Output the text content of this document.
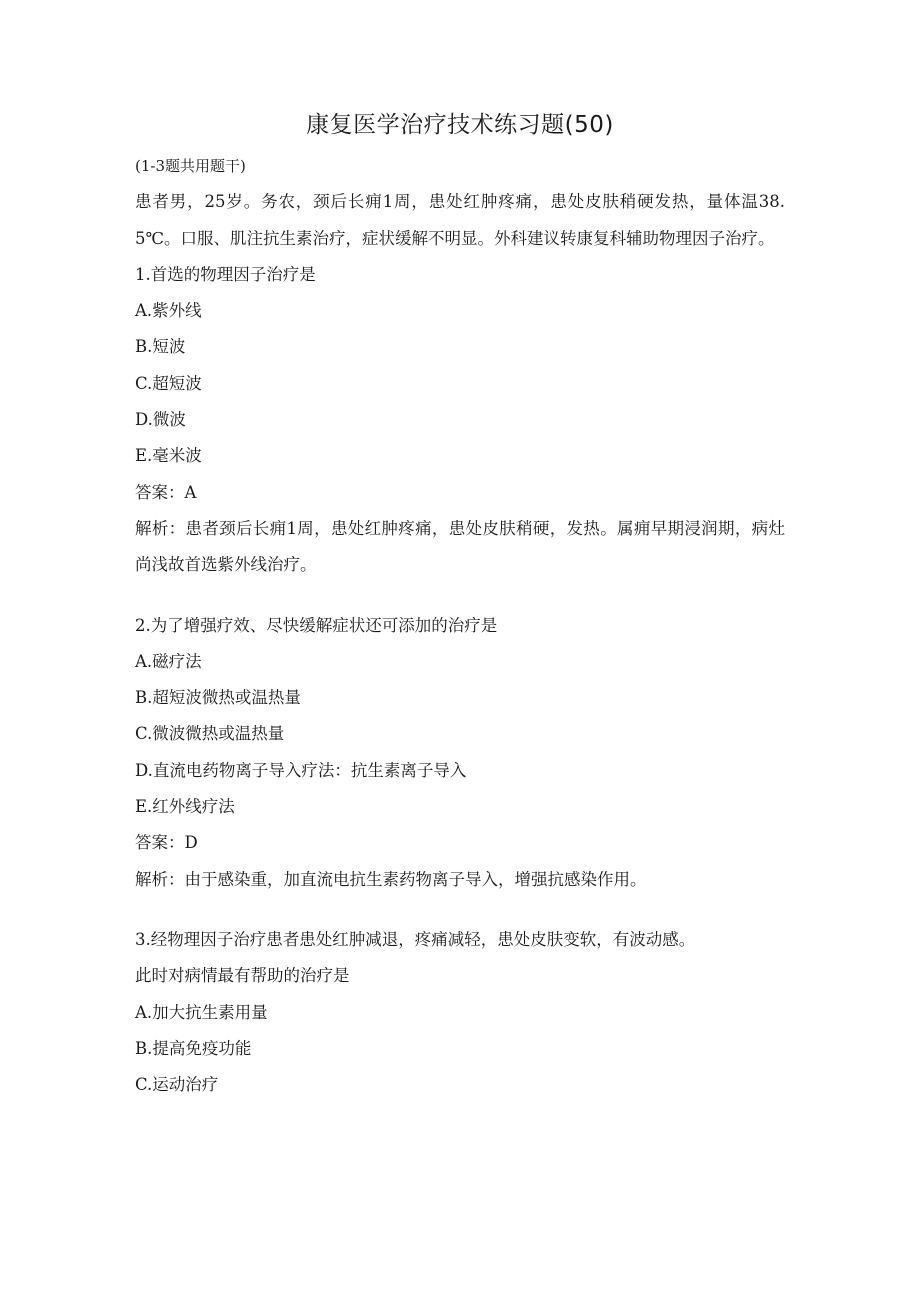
康复医学治疗技术练习题(50)
(1-3题共用题干)
患者男，25岁。务农，颈后长痈1周，患处红肿疼痛，患处皮肤稍硬发热，量体温38.5℃。口服、肌注抗生素治疗，症状缓解不明显。外科建议转康复科辅助物理因子治疗。
1.首选的物理因子治疗是
A.紫外线
B.短波
C.超短波
D.微波
E.毫米波
答案：A
解析：患者颈后长痈1周，患处红肿疼痛，患处皮肤稍硬，发热。属痈早期浸润期，病灶尚浅故首选紫外线治疗。
2.为了增强疗效、尽快缓解症状还可添加的治疗是
A.磁疗法
B.超短波微热或温热量
C.微波微热或温热量
D.直流电药物离子导入疗法：抗生素离子导入
E.红外线疗法
答案：D
解析：由于感染重，加直流电抗生素药物离子导入，增强抗感染作用。
3.经物理因子治疗患者患处红肿减退，疼痛减轻，患处皮肤变软，有波动感。
此时对病情最有帮助的治疗是
A.加大抗生素用量
B.提高免疫功能
C.运动治疗
